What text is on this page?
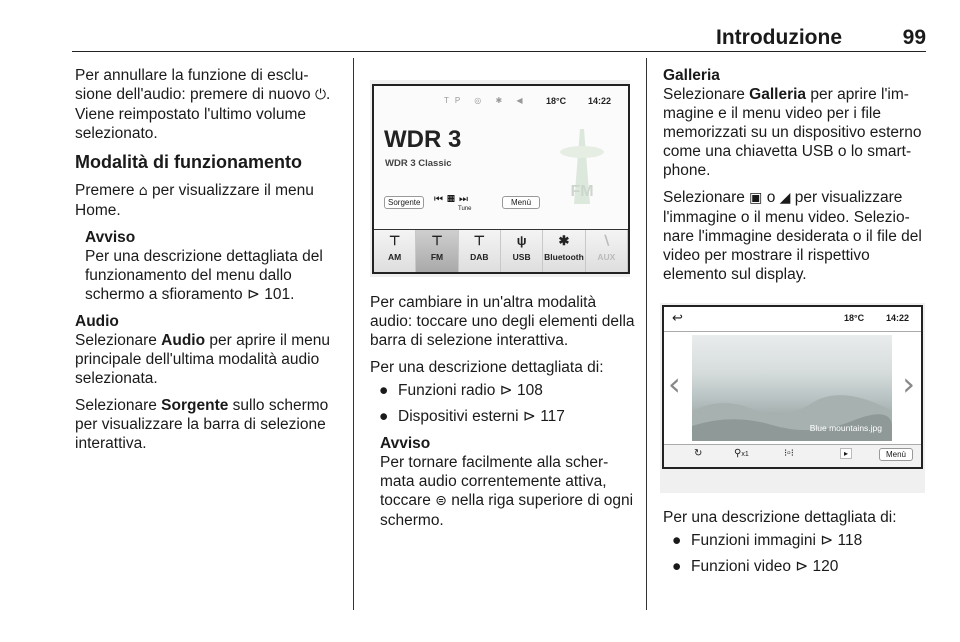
Introduzione	99

Per annullare la funzione di esclu-sione dell'audio: premere di nuovo ⏻. Viene reimpostato l'ultimo volume selezionato.

Modalità di funzionamento

Premere ⌂ per visualizzare il menu Home.

Avviso
Per una descrizione dettagliata del funzionamento del menu dallo schermo a sfioramento ⊳ 101.
Audio

Selezionare Audio per aprire il menu principale dell'ultima modalità audio selezionata.

Selezionare Sorgente sullo schermo per visualizzare la barra di selezione interattiva.

TP ◎ ✱ ◀ 18°C 14:22
WDR 3
WDR 3 Classic
FM
Sorgente	⏮▦⏭
Tune
Menù
⊤
AM
⊤
FM
⊤
DAB
ψ
USB
✱
Bluetooth
∖
AUX

Per cambiare in un'altra modalità audio: toccare uno degli elementi della barra di selezione interattiva.

Per una descrizione dettagliata di:

● Funzioni radio ⊳ 108
● Dispositivi esterni ⊳ 117
Avviso
Per tornare facilmente alla scher-mata audio correntemente attiva, toccare ⊜ nella riga superiore di ogni schermo.
Galleria

Selezionare Galleria per aprire l'im-magine e il menu video per i file memorizzati su un dispositivo esterno come una chiavetta USB o lo smart-phone.

Selezionare ▣ o ◢ per visualizzare l'immagine o il menu video. Selezio-nare l'immagine desiderata o il file del video per mostrare il rispettivo elemento sul display.

↩	18°C 14:22
‹
Blue mountains.jpg
›
↻	⚲ x1	⁝▫⁝	▸	Menù

Per una descrizione dettagliata di:

● Funzioni immagini ⊳ 118
● Funzioni video ⊳ 120
